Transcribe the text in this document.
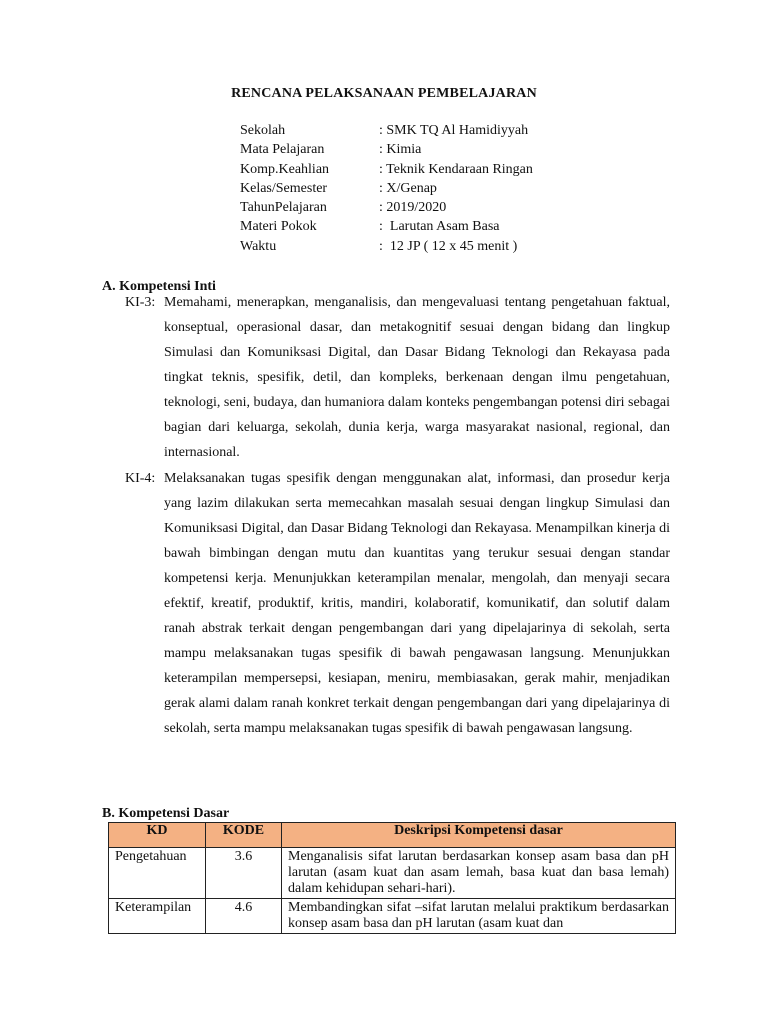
RENCANA PELAKSANAAN PEMBELAJARAN
Sekolah	: SMK TQ Al Hamidiyyah
Mata Pelajaran	: Kimia
Komp.Keahlian	: Teknik Kendaraan Ringan
Kelas/Semester	: X/Genap
TahunPelajaran	: 2019/2020
Materi Pokok	:  Larutan Asam Basa
Waktu	:  12 JP ( 12 x 45 menit )
A. Kompetensi Inti
KI-3: Memahami, menerapkan, menganalisis, dan mengevaluasi tentang pengetahuan faktual, konseptual, operasional dasar, dan metakognitif sesuai dengan bidang dan lingkup Simulasi dan Komuniksasi Digital, dan Dasar Bidang Teknologi dan Rekayasa pada tingkat teknis, spesifik, detil, dan kompleks, berkenaan dengan ilmu pengetahuan, teknologi, seni, budaya, dan humaniora dalam konteks pengembangan potensi diri sebagai bagian dari keluarga, sekolah, dunia kerja, warga masyarakat nasional, regional, dan internasional.
KI-4: Melaksanakan tugas spesifik dengan menggunakan alat, informasi, dan prosedur kerja yang lazim dilakukan serta memecahkan masalah sesuai dengan lingkup Simulasi dan Komuniksasi Digital, dan Dasar Bidang Teknologi dan Rekayasa. Menampilkan kinerja di bawah bimbingan dengan mutu dan kuantitas yang terukur sesuai dengan standar kompetensi kerja. Menunjukkan keterampilan menalar, mengolah, dan menyaji secara efektif, kreatif, produktif, kritis, mandiri, kolaboratif, komunikatif, dan solutif dalam ranah abstrak terkait dengan pengembangan dari yang dipelajarinya di sekolah, serta mampu melaksanakan tugas spesifik di bawah pengawasan langsung. Menunjukkan keterampilan mempersepsi, kesiapan, meniru, membiasakan, gerak mahir, menjadikan gerak alami dalam ranah konkret terkait dengan pengembangan dari yang dipelajarinya di sekolah, serta mampu melaksanakan tugas spesifik di bawah pengawasan langsung.
B. Kompetensi Dasar
KD	KODE	Deskripsi Kompetensi dasar
Pengetahuan	3.6	Menganalisis sifat larutan berdasarkan konsep asam basa dan pH larutan (asam kuat dan asam lemah, basa kuat dan basa lemah) dalam kehidupan sehari-hari).
Keterampilan	4.6	Membandingkan sifat –sifat larutan melalui praktikum berdasarkan konsep asam basa dan pH larutan (asam kuat dan
